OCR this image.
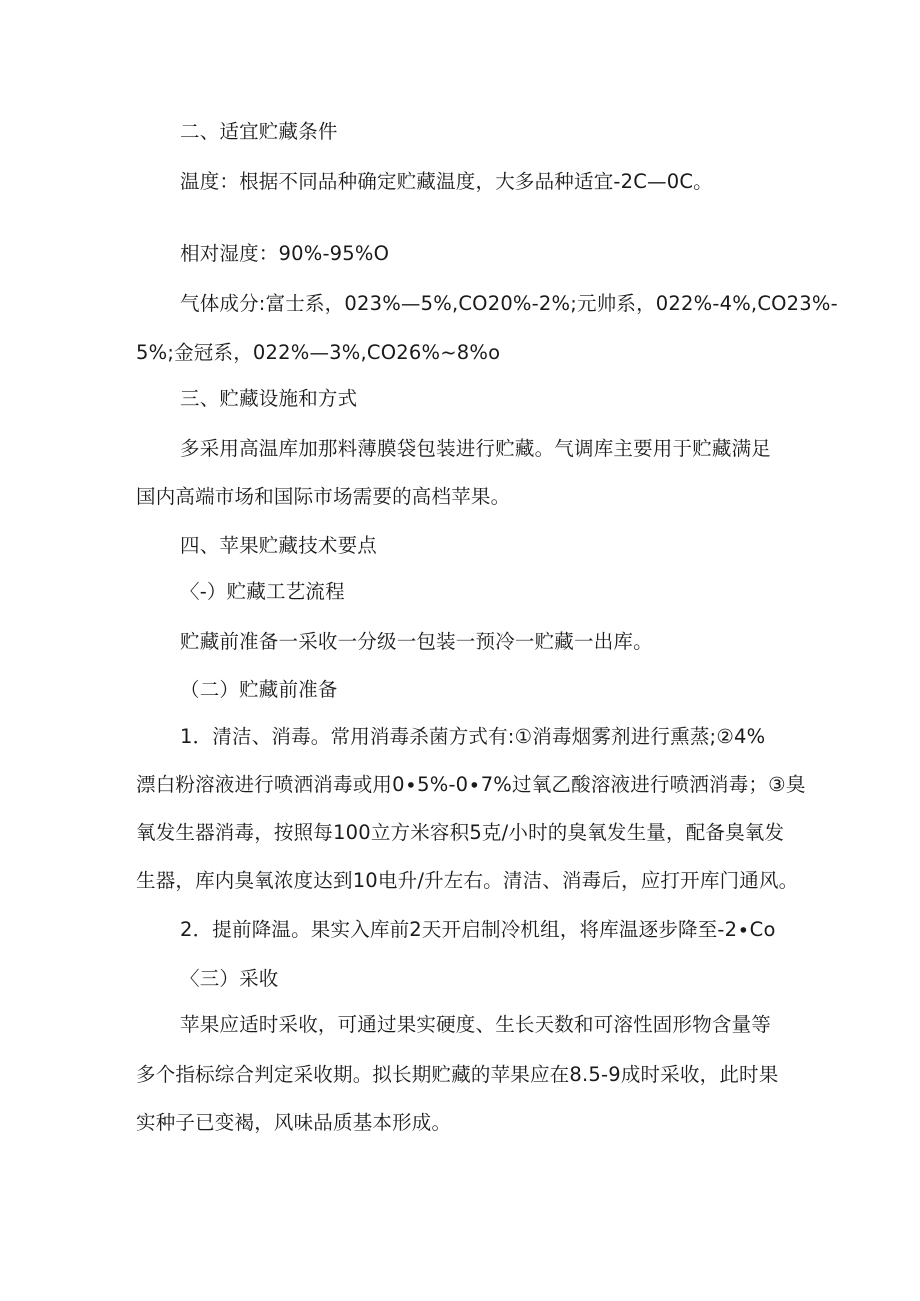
二、适宜贮藏条件
温度：根据不同品种确定贮藏温度，大多品种适宜-2C—0C。
相对湿度：90%-95%O
气体成分:富士系，023%—5%,CO20%-2%;元帅系，022%-4%,CO23%-
5%;金冠系，022%—3%,CO26%~8%o
三、贮藏设施和方式
多采用高温库加那料薄膜袋包装进行贮藏。气调库主要用于贮藏满足
国内高端市场和国际市场需要的高档苹果。
四、苹果贮藏技术要点
〈-）贮藏工艺流程
贮藏前准备一采收一分级一包装一预冷一贮藏一出库。
（二）贮藏前准备
1．清洁、消毒。常用消毒杀菌方式有:①消毒烟雾剂进行熏蒸;②4%
漂白粉溶液进行喷洒消毒或用0∙5%-0∙7%过氧乙酸溶液进行喷洒消毒；③臭
氧发生器消毒，按照每100立方米容积5克/小时的臭氧发生量，配备臭氧发
生器，库内臭氧浓度达到10电升/升左右。清洁、消毒后，应打开库门通风。
2．提前降温。果实入库前2天开启制冷机组，将库温逐步降至-2∙Co
〈三）采收
苹果应适时采收，可通过果实硬度、生长天数和可溶性固形物含量等
多个指标综合判定采收期。拟长期贮藏的苹果应在8.5-9成时采收，此时果
实种子已变褐，风味品质基本形成。
